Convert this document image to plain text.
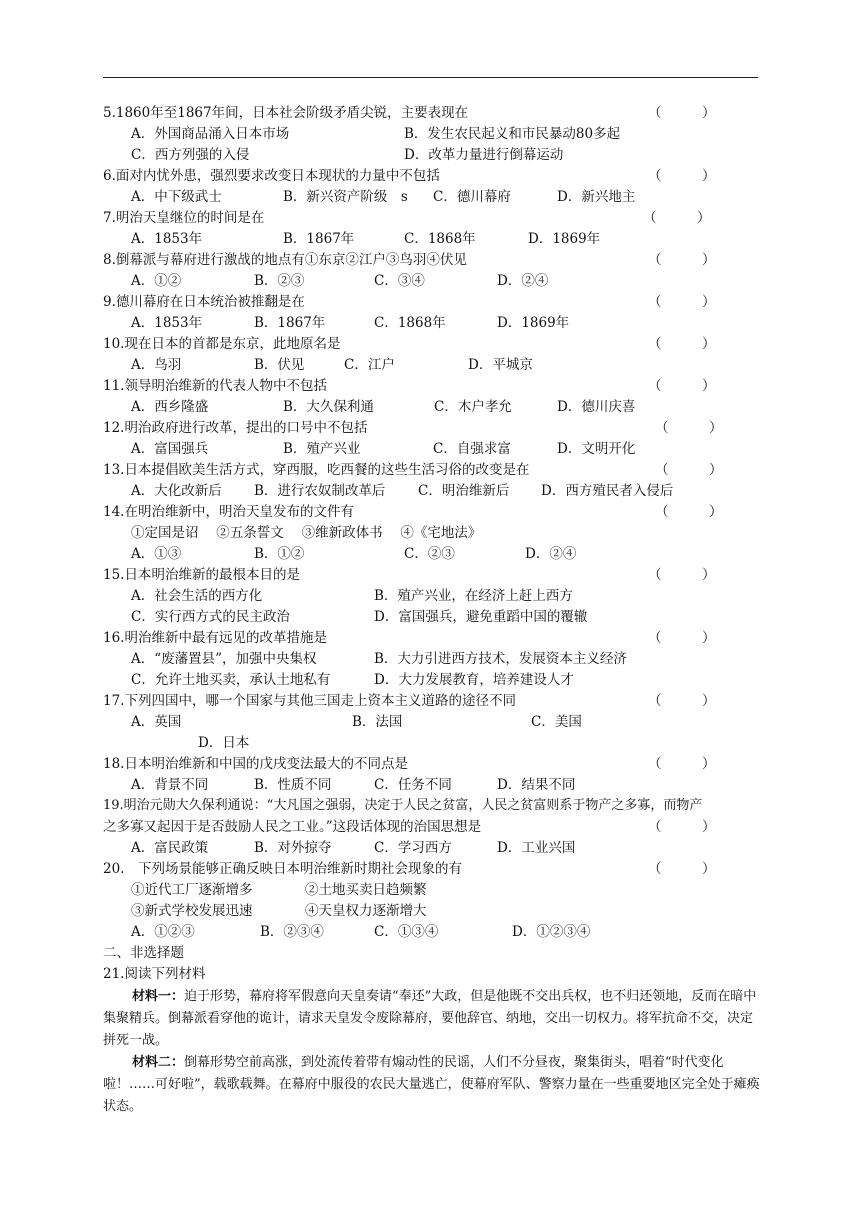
5.1860年至1867年间，日本社会阶级矛盾尖锐，主要表现在	（　　　）
A．外国商品涌入日本市场	B．发生农民起义和市民暴动80多起
C．西方列强的入侵	D．改革力量进行倒幕运动
6.面对内忧外患，强烈要求改变日本现状的力量中不包括	（　　　）
A．中下级武士	B．新兴资产阶级　s C．德川幕府	D．新兴地主
7.明治天皇继位的时间是在	（　　　）
A．1853年	B．1867年	C．1868年	D．1869年
8.倒幕派与幕府进行激战的地点有①东京②江户③鸟羽④伏见	（　　　）
A．①②	B．②③	C．③④	D．②④
9.德川幕府在日本统治被推翻是在	（　　　）
A．1853年	B．1867年	C．1868年	D．1869年
10.现在日本的首都是东京，此地原名是	（　　　）
A．鸟羽	B．伏见	C．江户	D．平城京
11.领导明治维新的代表人物中不包括	（　　　）
A．西乡隆盛	B．大久保利通	C．木户孝允	D．德川庆喜
12.明治政府进行改革，提出的口号中不包括	（　　　）
A．富国强兵	B．殖产兴业	C．自强求富	D．文明开化
13.日本提倡欧美生活方式，穿西服，吃西餐的这些生活习俗的改变是在	（　　　）
A．大化改新后 B．进行农奴制改革后 C．明治维新后 D．西方殖民者入侵后
14.在明治维新中，明治天皇发布的文件有	（　　　）
①定国是诏　 ②五条誓文　 ③维新政体书　 ④《宅地法》
A．①③	B．①②	C．②③	D．②④
15.日本明治维新的最根本目的是	（　　　）
A．社会生活的西方化	B．殖产兴业，在经济上赶上西方
C．实行西方式的民主政治	D．富国强兵，避免重蹈中国的覆辙
16.明治维新中最有远见的改革措施是	（　　　）
A．“废藩置县”，加强中央集权	B．大力引进西方技术，发展资本主义经济
C．允许土地买卖，承认土地私有	D．大力发展教育，培养建设人才
17.下列四国中，哪一个国家与其他三国走上资本主义道路的途径不同	（　　　）
A．英国	B．法国	C．美国
D．日本
18.日本明治维新和中国的戊戌变法最大的不同点是	（　　　）
A．背景不同	B．性质不同	C．任务不同	D．结果不同
19.明治元勋大久保利通说：“大凡国之强弱，决定于人民之贫富，人民之贫富则系于物产之多寡，而物产
之多寡又起因于是否鼓励人民之工业。”这段话体现的治国思想是	（　　　）
A．富民政策	B．对外掠夺	C．学习西方	D．工业兴国
20.　下列场景能够正确反映日本明治维新时期社会现象的有	（　　　）
①近代工厂逐渐增多	②土地买卖日趋频繁
③新式学校发展迅速	④天皇权力逐渐增大
A．①②③	B．②③④	C．①③④	D．①②③④
二、非选择题
21.阅读下列材料
材料一：迫于形势，幕府将军假意向天皇奏请“奉还”大政，但是他既不交出兵权，也不归还领地，反而在暗中集聚精兵。倒幕派看穿他的诡计，请求天皇发令废除幕府，要他辞官、纳地，交出一切权力。将军抗命不交，决定拼死一战。
材料二：倒幕形势空前高涨，到处流传着带有煽动性的民谣，人们不分昼夜，聚集街头，唱着“时代变化啦！……可好啦”，载歌载舞。在幕府中服役的农民大量逃亡，使幕府军队、警察力量在一些重要地区完全处于瘫痪状态。
